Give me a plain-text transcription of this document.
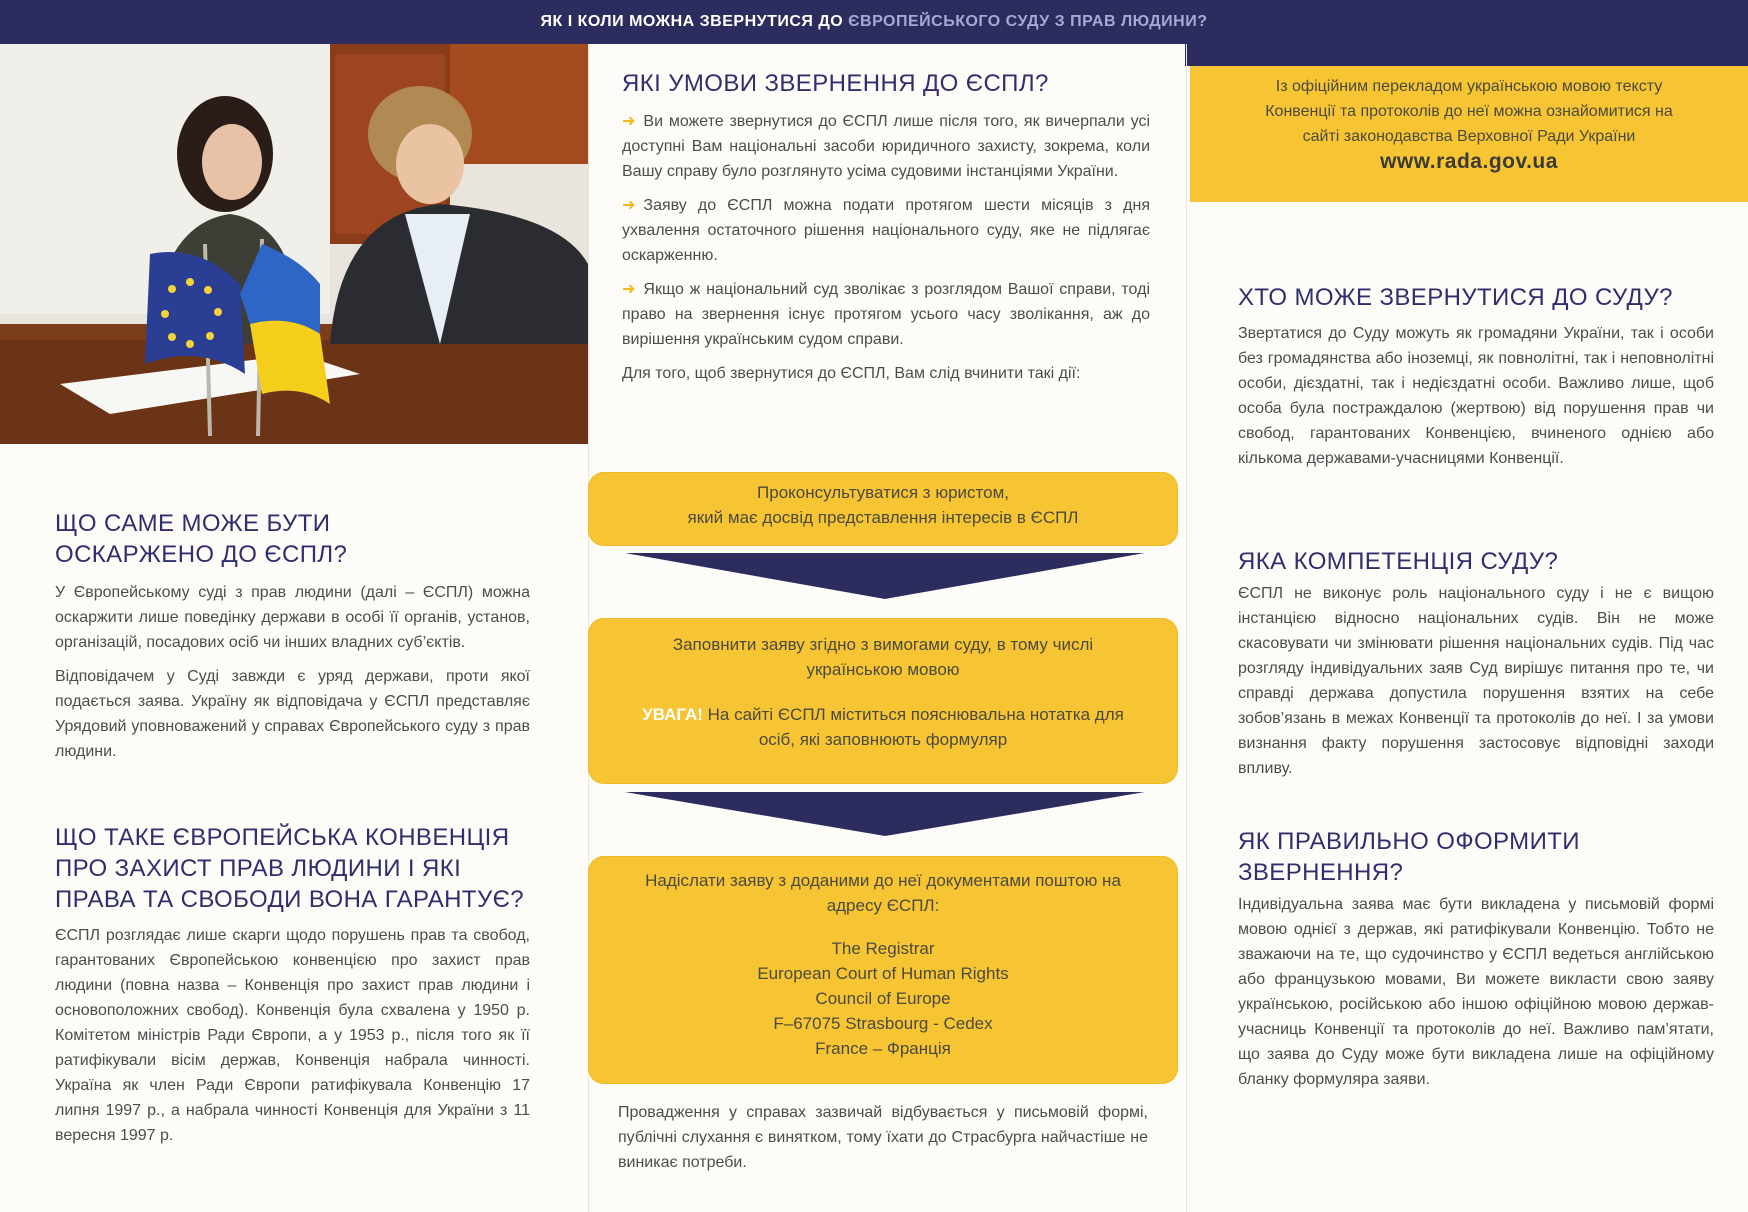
ЯК І КОЛИ МОЖНА ЗВЕРНУТИСЯ ДО ЄВРОПЕЙСЬКОГО СУДУ З ПРАВ ЛЮДИНИ?
ЩО САМЕ МОЖЕ БУТИ ОСКАРЖЕНО ДО ЄСПЛ?

У Європейському суді з прав людини (далі – ЄСПЛ) можна оскаржити лише поведінку держави в особі її органів, установ, організацій, посадових осіб чи інших владних суб’єктів.

Відповідачем у Суді завжди є уряд держави, проти якої подається заява. Україну як відповідача у ЄСПЛ представляє Урядовий уповноважений у справах Європейського суду з прав людини.

ЩО ТАКЕ ЄВРОПЕЙСЬКА КОНВЕНЦІЯ ПРО ЗАХИСТ ПРАВ ЛЮДИНИ І ЯКІ ПРАВА ТА СВОБОДИ ВОНА ГАРАНТУЄ?

ЄСПЛ розглядає лише скарги щодо порушень прав та свобод, гарантованих Європейською конвенцією про захист прав людини (повна назва – Конвенція про захист прав людини і основоположних свобод). Конвенція була схвалена у 1950 р. Комітетом міністрів Ради Європи, а у 1953 р., після того як її ратифікували вісім держав, Конвенція набрала чинності. Україна як член Ради Європи ратифікувала Конвенцію 17 липня 1997 р., а набрала чинності Конвенція для України з 11 вересня 1997 р.

ЯКІ УМОВИ ЗВЕРНЕННЯ ДО ЄСПЛ?

➜ Ви можете звернутися до ЄСПЛ лише після того, як вичерпали усі доступні Вам національні засоби юридичного захисту, зокрема, коли Вашу справу було розглянуто усіма судовими інстанціями України.

➜ Заяву до ЄСПЛ можна подати протягом шести місяців з дня ухвалення остаточного рішення національного суду, яке не підлягає оскарженню.

➜ Якщо ж національний суд зволікає з розглядом Вашої справи, тоді право на звернення існує протягом усього часу зволікання, аж до вирішення українським судом справи.

Для того, щоб звернутися до ЄСПЛ, Вам слід вчинити такі дії:

Проконсультуватися з юристом,
який має досвід представлення інтересів в ЄСПЛ
Заповнити заяву згідно з вимогами суду, в тому числі
українською мовою
УВАГА! На сайті ЄСПЛ міститься пояснювальна нотатка для
осіб, які заповнюють формуляр
Надіслати заяву з доданими до неї документами поштою на
адресу ЄСПЛ:
The Registrar
European Court of Human Rights
Council of Europe
F–67075 Strasbourg - Cedex
France – Франція

Провадження у справах зазвичай відбувається у письмовій формі, публічні слухання є винятком, тому їхати до Страсбурга найчастіше не виникає потреби.

Із офіційним перекладом українською мовою тексту
Конвенції та протоколів до неї можна ознайомитися на
сайті законодавства Верховної Ради України
www.rada.gov.ua
ХТО МОЖЕ ЗВЕРНУТИСЯ ДО СУДУ?

Звертатися до Суду можуть як громадяни України, так і особи без громадянства або іноземці, як повнолітні, так і неповнолітні особи, дієздатні, так і недієздатні особи. Важливо лише, щоб особа була постраждалою (жертвою) від порушення прав чи свобод, гарантованих Конвенцією, вчиненого однією або кількома державами-учасницями Конвенції.

ЯКА КОМПЕТЕНЦІЯ СУДУ?

ЄСПЛ не виконує роль національного суду і не є вищою інстанцією відносно національних судів. Він не може скасовувати чи змінювати рішення національних судів. Під час розгляду індивідуальних заяв Суд вирішує питання про те, чи справді держава допустила порушення взятих на себе зобов’язань в межах Конвенції та протоколів до неї. І за умови визнання факту порушення застосовує відповідні заходи впливу.

ЯК ПРАВИЛЬНО ОФОРМИТИ ЗВЕРНЕННЯ?

Індивідуальна заява має бути викладена у письмовій формі мовою однієї з держав, які ратифікували Конвенцію. Тобто не зважаючи на те, що судочинство у ЄСПЛ ведеться англійською або французькою мовами, Ви можете викласти свою заяву українською, російською або іншою офіційною мовою держав-учасниць Конвенції та протоколів до неї. Важливо пам’ятати, що заява до Суду може бути викладена лише на офіційному бланку формуляра заяви.
